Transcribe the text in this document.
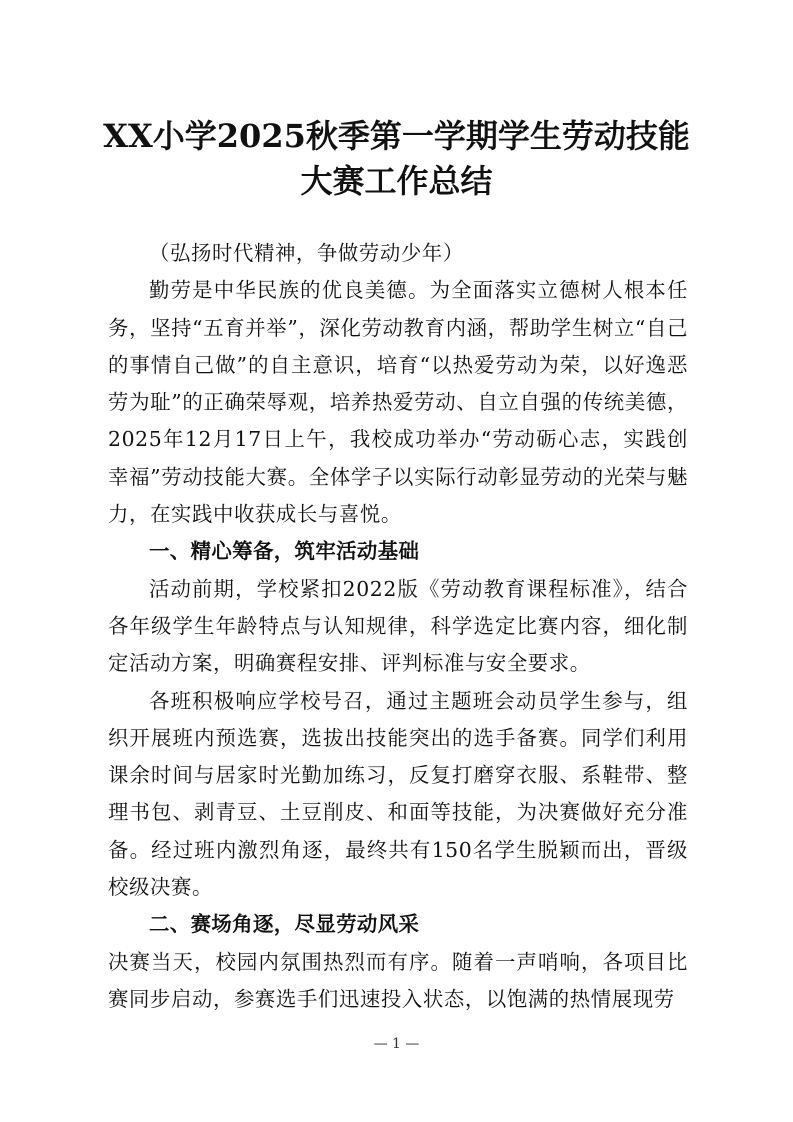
XX小学2025秋季第一学期学生劳动技能
大赛工作总结

（弘扬时代精神，争做劳动少年）

勤劳是中华民族的优良美德。为全面落实立德树人根本任务，坚持“五育并举”，深化劳动教育内涵，帮助学生树立“自己的事情自己做”的自主意识，培育“以热爱劳动为荣，以好逸恶劳为耻”的正确荣辱观，培养热爱劳动、自立自强的传统美德，2025年12月17日上午，我校成功举办“劳动砺心志，实践创幸福”劳动技能大赛。全体学子以实际行动彰显劳动的光荣与魅力，在实践中收获成长与喜悦。

一、精心筹备，筑牢活动基础

活动前期，学校紧扣2022版《劳动教育课程标准》，结合各年级学生年龄特点与认知规律，科学选定比赛内容，细化制定活动方案，明确赛程安排、评判标准与安全要求。

各班积极响应学校号召，通过主题班会动员学生参与，组织开展班内预选赛，选拔出技能突出的选手备赛。同学们利用课余时间与居家时光勤加练习，反复打磨穿衣服、系鞋带、整理书包、剥青豆、土豆削皮、和面等技能，为决赛做好充分准备。经过班内激烈角逐，最终共有150名学生脱颖而出，晋级校级决赛。

二、赛场角逐，尽显劳动风采

决赛当天，校园内氛围热烈而有序。随着一声哨响，各项目比赛同步启动，参赛选手们迅速投入状态，以饱满的热情展现劳

— 1 —
